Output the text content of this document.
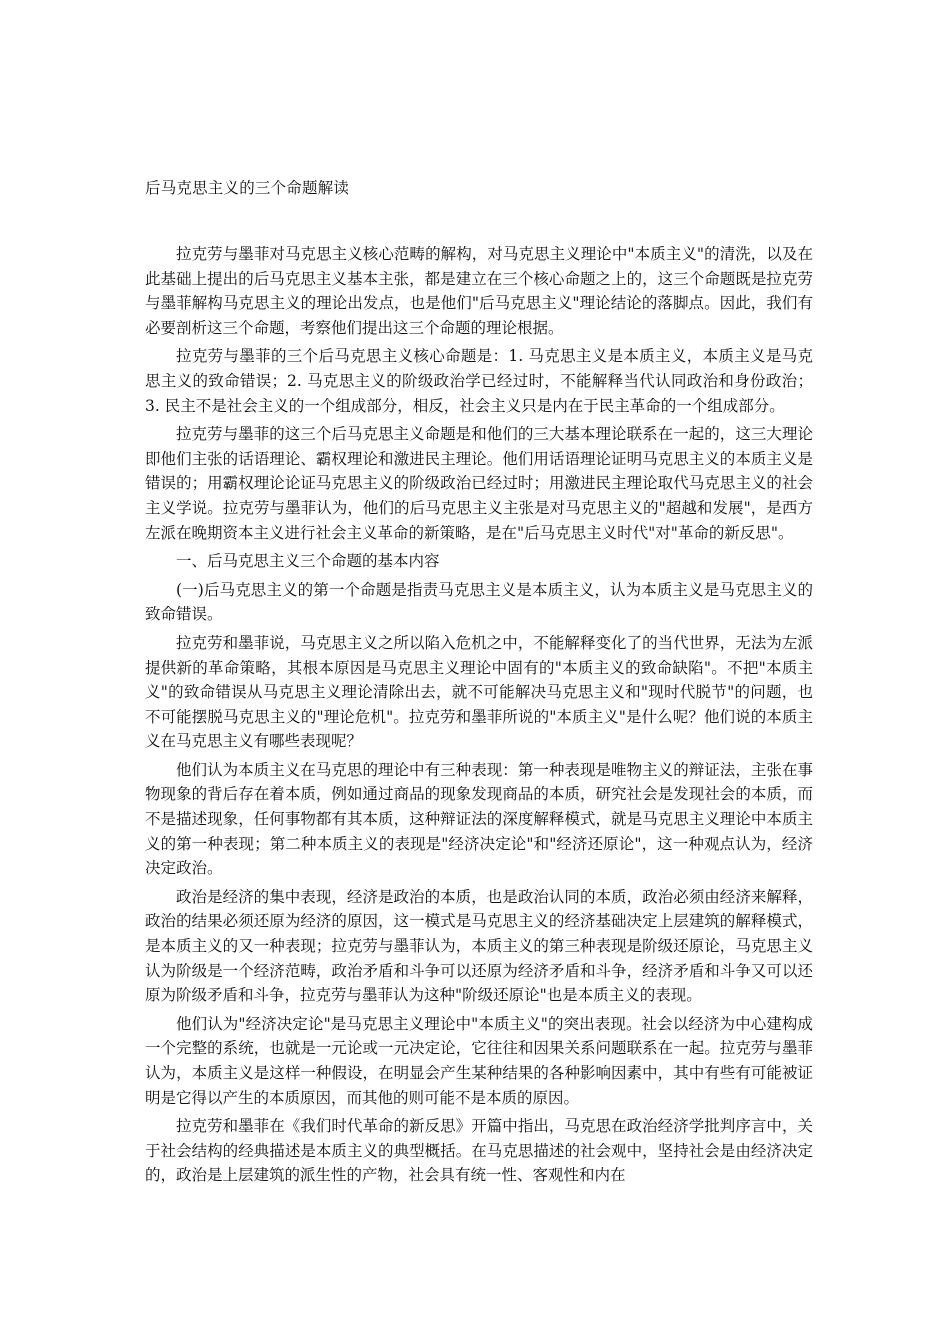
后马克思主义的三个命题解读

拉克劳与墨菲对马克思主义核心范畴的解构，对马克思主义理论中"本质主义"的清洗，以及在此基础上提出的后马克思主义基本主张，都是建立在三个核心命题之上的，这三个命题既是拉克劳与墨菲解构马克思主义的理论出发点，也是他们"后马克思主义"理论结论的落脚点。因此，我们有必要剖析这三个命题，考察他们提出这三个命题的理论根据。

拉克劳与墨菲的三个后马克思主义核心命题是：1. 马克思主义是本质主义，本质主义是马克思主义的致命错误；2. 马克思主义的阶级政治学已经过时，不能解释当代认同政治和身份政治；3. 民主不是社会主义的一个组成部分，相反，社会主义只是内在于民主革命的一个组成部分。

拉克劳与墨菲的这三个后马克思主义命题是和他们的三大基本理论联系在一起的，这三大理论即他们主张的话语理论、霸权理论和激进民主理论。他们用话语理论证明马克思主义的本质主义是错误的；用霸权理论论证马克思主义的阶级政治已经过时；用激进民主理论取代马克思主义的社会主义学说。拉克劳与墨菲认为，他们的后马克思主义主张是对马克思主义的"超越和发展"，是西方左派在晚期资本主义进行社会主义革命的新策略，是在"后马克思主义时代"对"革命的新反思"。

一、后马克思主义三个命题的基本内容

(一)后马克思主义的第一个命题是指责马克思主义是本质主义，认为本质主义是马克思主义的致命错误。

拉克劳和墨菲说，马克思主义之所以陷入危机之中，不能解释变化了的当代世界，无法为左派提供新的革命策略，其根本原因是马克思主义理论中固有的"本质主义的致命缺陷"。不把"本质主义"的致命错误从马克思主义理论清除出去，就不可能解决马克思主义和"现时代脱节"的问题，也不可能摆脱马克思主义的"理论危机"。拉克劳和墨菲所说的"本质主义"是什么呢？他们说的本质主义在马克思主义有哪些表现呢？

他们认为本质主义在马克思的理论中有三种表现：第一种表现是唯物主义的辩证法，主张在事物现象的背后存在着本质，例如通过商品的现象发现商品的本质，研究社会是发现社会的本质，而不是描述现象，任何事物都有其本质，这种辩证法的深度解释模式，就是马克思主义理论中本质主义的第一种表现；第二种本质主义的表现是"经济决定论"和"经济还原论"，这一种观点认为，经济决定政治。

政治是经济的集中表现，经济是政治的本质，也是政治认同的本质，政治必须由经济来解释，政治的结果必须还原为经济的原因，这一模式是马克思主义的经济基础决定上层建筑的解释模式，是本质主义的又一种表现；拉克劳与墨菲认为，本质主义的第三种表现是阶级还原论，马克思主义认为阶级是一个经济范畴，政治矛盾和斗争可以还原为经济矛盾和斗争，经济矛盾和斗争又可以还原为阶级矛盾和斗争，拉克劳与墨菲认为这种"阶级还原论"也是本质主义的表现。

他们认为"经济决定论"是马克思主义理论中"本质主义"的突出表现。社会以经济为中心建构成一个完整的系统，也就是一元论或一元决定论，它往往和因果关系问题联系在一起。拉克劳与墨菲认为，本质主义是这样一种假设，在明显会产生某种结果的各种影响因素中，其中有些有可能被证明是它得以产生的本质原因，而其他的则可能不是本质的原因。

拉克劳和墨菲在《我们时代革命的新反思》开篇中指出，马克思在政治经济学批判序言中，关于社会结构的经典描述是本质主义的典型概括。在马克思描述的社会观中，坚持社会是由经济决定的，政治是上层建筑的派生性的产物，社会具有统一性、客观性和内在
